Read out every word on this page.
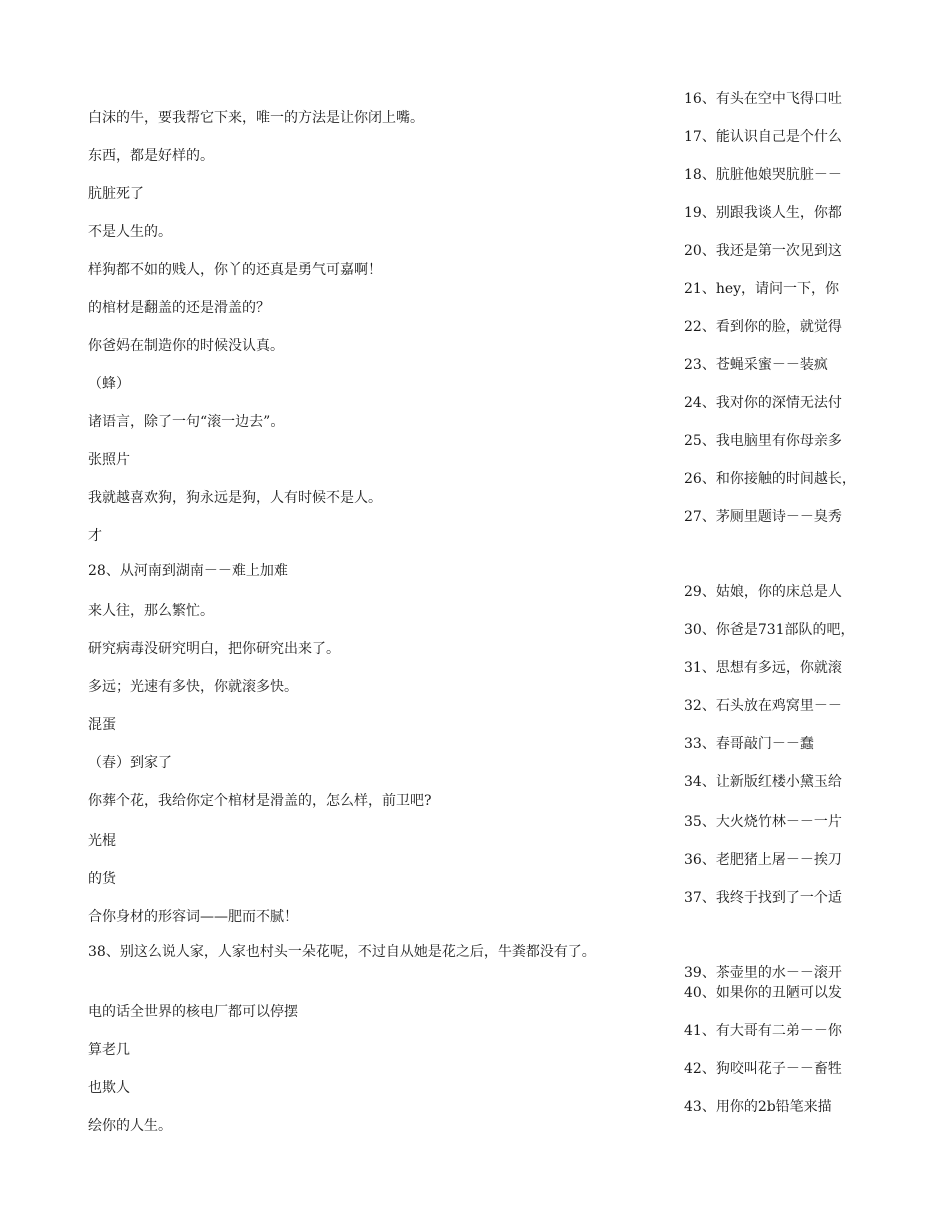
白沫的牛，要我帮它下来，唯一的方法是让你闭上嘴。
东西，都是好样的。
肮脏死了
不是人生的。
样狗都不如的贱人，你丫的还真是勇气可嘉啊！
的棺材是翻盖的还是滑盖的？
你爸妈在制造你的时候没认真。
（蜂）
诸语言，除了一句“滚一边去”。
张照片
我就越喜欢狗，狗永远是狗，人有时候不是人。
才
28、从河南到湖南－－难上加难
来人往，那么繁忙。
研究病毒没研究明白，把你研究出来了。
多远；光速有多快，你就滚多快。
混蛋
（春）到家了
你葬个花，我给你定个棺材是滑盖的，怎么样，前卫吧?
光棍
的货
合你身材的形容词——肥而不腻！
38、别这么说人家，人家也村头一朵花呢，不过自从她是花之后，牛粪都没有了。
电的话全世界的核电厂都可以停摆
算老几
也欺人
绘你的人生。
16、有头在空中飞得口吐
17、能认识自己是个什么
18、肮脏他娘哭肮脏－－
19、别跟我谈人生，你都
20、我还是第一次见到这
21、hey，请问一下，你
22、看到你的脸，就觉得
23、苍蝇采蜜－－装疯
24、我对你的深情无法付
25、我电脑里有你母亲多
26、和你接触的时间越长，
27、茅厕里题诗－－臭秀
29、姑娘，你的床总是人
30、你爸是731部队的吧，
31、思想有多远，你就滚
32、石头放在鸡窝里－－
33、春哥敲门－－蠢
34、让新版红楼小黛玉给
35、大火烧竹林－－一片
36、老肥猪上屠－－挨刀
37、我终于找到了一个适
39、茶壶里的水－－滚开
40、如果你的丑陋可以发
41、有大哥有二弟－－你
42、狗咬叫花子－－畜牲
43、用你的2b铅笔来描
